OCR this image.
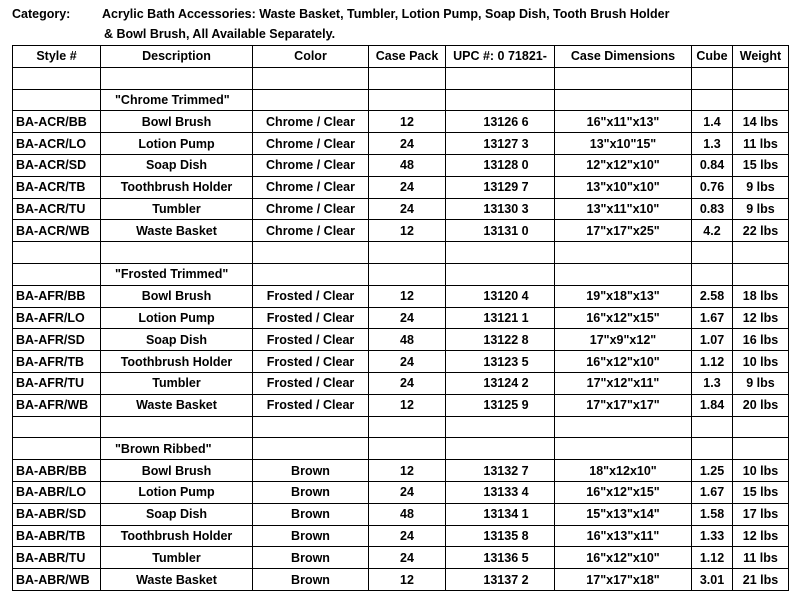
Category:	Acrylic Bath Accessories: Waste Basket, Tumbler, Lotion Pump, Soap Dish, Tooth Brush Holder
& Bowl Brush, All Available Separately.
Style #	Description	Color	Case Pack	UPC #: 0 71821-	Case Dimensions	Cube	Weight

	"Chrome Trimmed"						
BA-ACR/BB	Bowl Brush	Chrome / Clear	12	13126 6	16"x11"x13"	1.4	14 lbs
BA-ACR/LO	Lotion Pump	Chrome / Clear	24	13127 3	13"x10"15"	1.3	11 lbs
BA-ACR/SD	Soap Dish	Chrome / Clear	48	13128 0	12"x12"x10"	0.84	15 lbs
BA-ACR/TB	Toothbrush Holder	Chrome / Clear	24	13129 7	13"x10"x10"	0.76	9 lbs
BA-ACR/TU	Tumbler	Chrome / Clear	24	13130 3	13"x11"x10"	0.83	9 lbs
BA-ACR/WB	Waste Basket	Chrome / Clear	12	13131 0	17"x17"x25"	4.2	22 lbs

	"Frosted Trimmed"						
BA-AFR/BB	Bowl Brush	Frosted / Clear	12	13120 4	19"x18"x13"	2.58	18 lbs
BA-AFR/LO	Lotion Pump	Frosted / Clear	24	13121 1	16"x12"x15"	1.67	12 lbs
BA-AFR/SD	Soap Dish	Frosted / Clear	48	13122 8	17"x9"x12"	1.07	16 lbs
BA-AFR/TB	Toothbrush Holder	Frosted / Clear	24	13123 5	16"x12"x10"	1.12	10 lbs
BA-AFR/TU	Tumbler	Frosted / Clear	24	13124 2	17"x12"x11"	1.3	9 lbs
BA-AFR/WB	Waste Basket	Frosted / Clear	12	13125 9	17"x17"x17"	1.84	20 lbs

	"Brown Ribbed"						
BA-ABR/BB	Bowl Brush	Brown	12	13132 7	18"x12x10"	1.25	10 lbs
BA-ABR/LO	Lotion Pump	Brown	24	13133 4	16"x12"x15"	1.67	15 lbs
BA-ABR/SD	Soap Dish	Brown	48	13134 1	15"x13"x14"	1.58	17 lbs
BA-ABR/TB	Toothbrush Holder	Brown	24	13135 8	16"x13"x11"	1.33	12 lbs
BA-ABR/TU	Tumbler	Brown	24	13136 5	16"x12"x10"	1.12	11 lbs
BA-ABR/WB	Waste Basket	Brown	12	13137 2	17"x17"x18"	3.01	21 lbs
